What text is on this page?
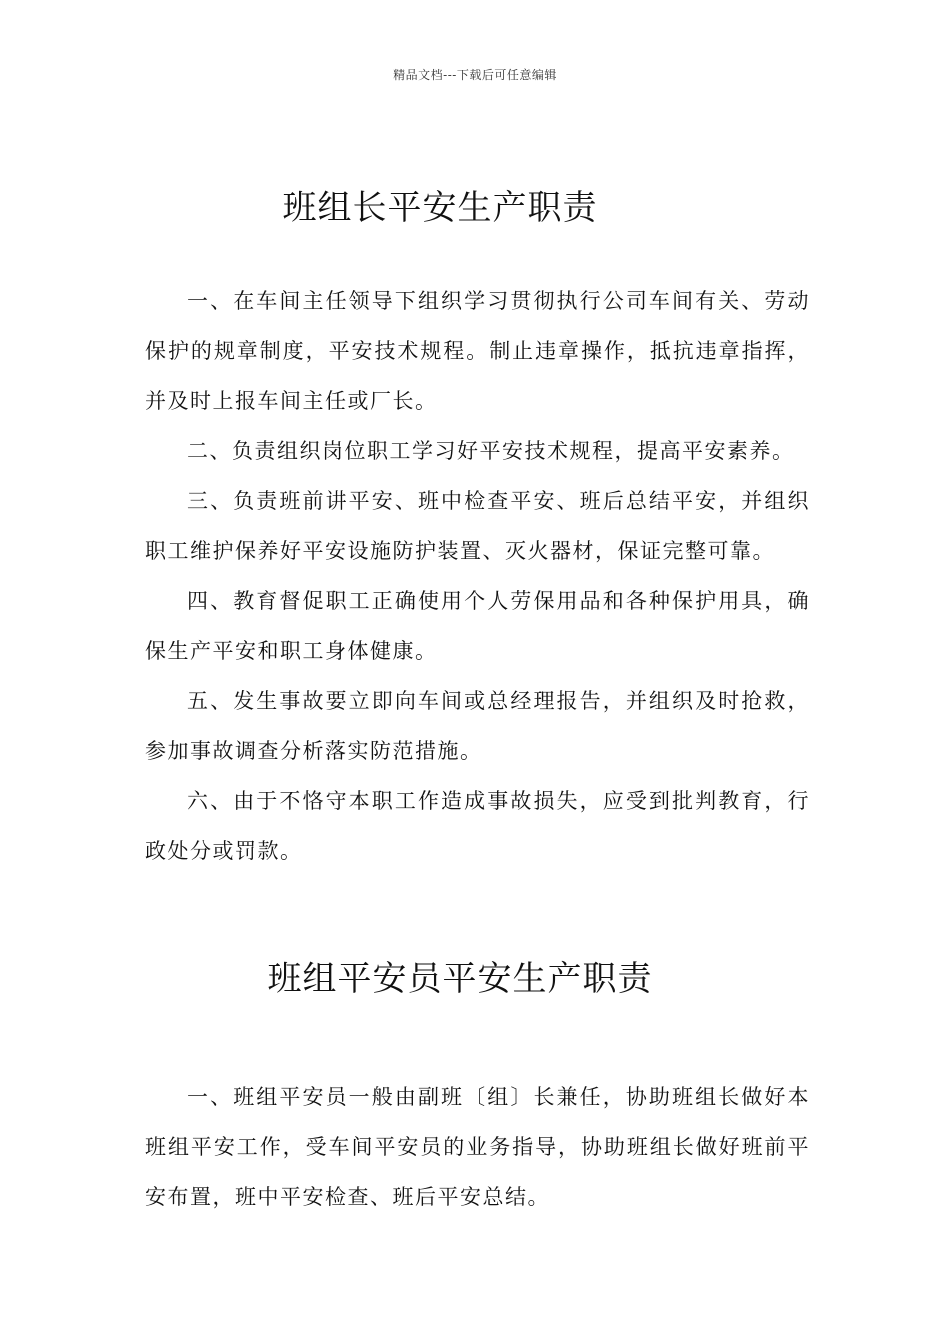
精品文档---下载后可任意编辑
班组长平安生产职责

一、在车间主任领导下组织学习贯彻执行公司车间有关、劳动保护的规章制度，平安技术规程。制止违章操作，抵抗违章指挥，并及时上报车间主任或厂长。

二、负责组织岗位职工学习好平安技术规程，提高平安素养。

三、负责班前讲平安、班中检查平安、班后总结平安，并组织职工维护保养好平安设施防护装置、灭火器材，保证完整可靠。

四、教育督促职工正确使用个人劳保用品和各种保护用具，确保生产平安和职工身体健康。

五、发生事故要立即向车间或总经理报告，并组织及时抢救，参加事故调查分析落实防范措施。

六、由于不恪守本职工作造成事故损失，应受到批判教育，行政处分或罚款。

班组平安员平安生产职责

一、班组平安员一般由副班〔组〕长兼任，协助班组长做好本班组平安工作，受车间平安员的业务指导，协助班组长做好班前平安布置，班中平安检查、班后平安总结。
